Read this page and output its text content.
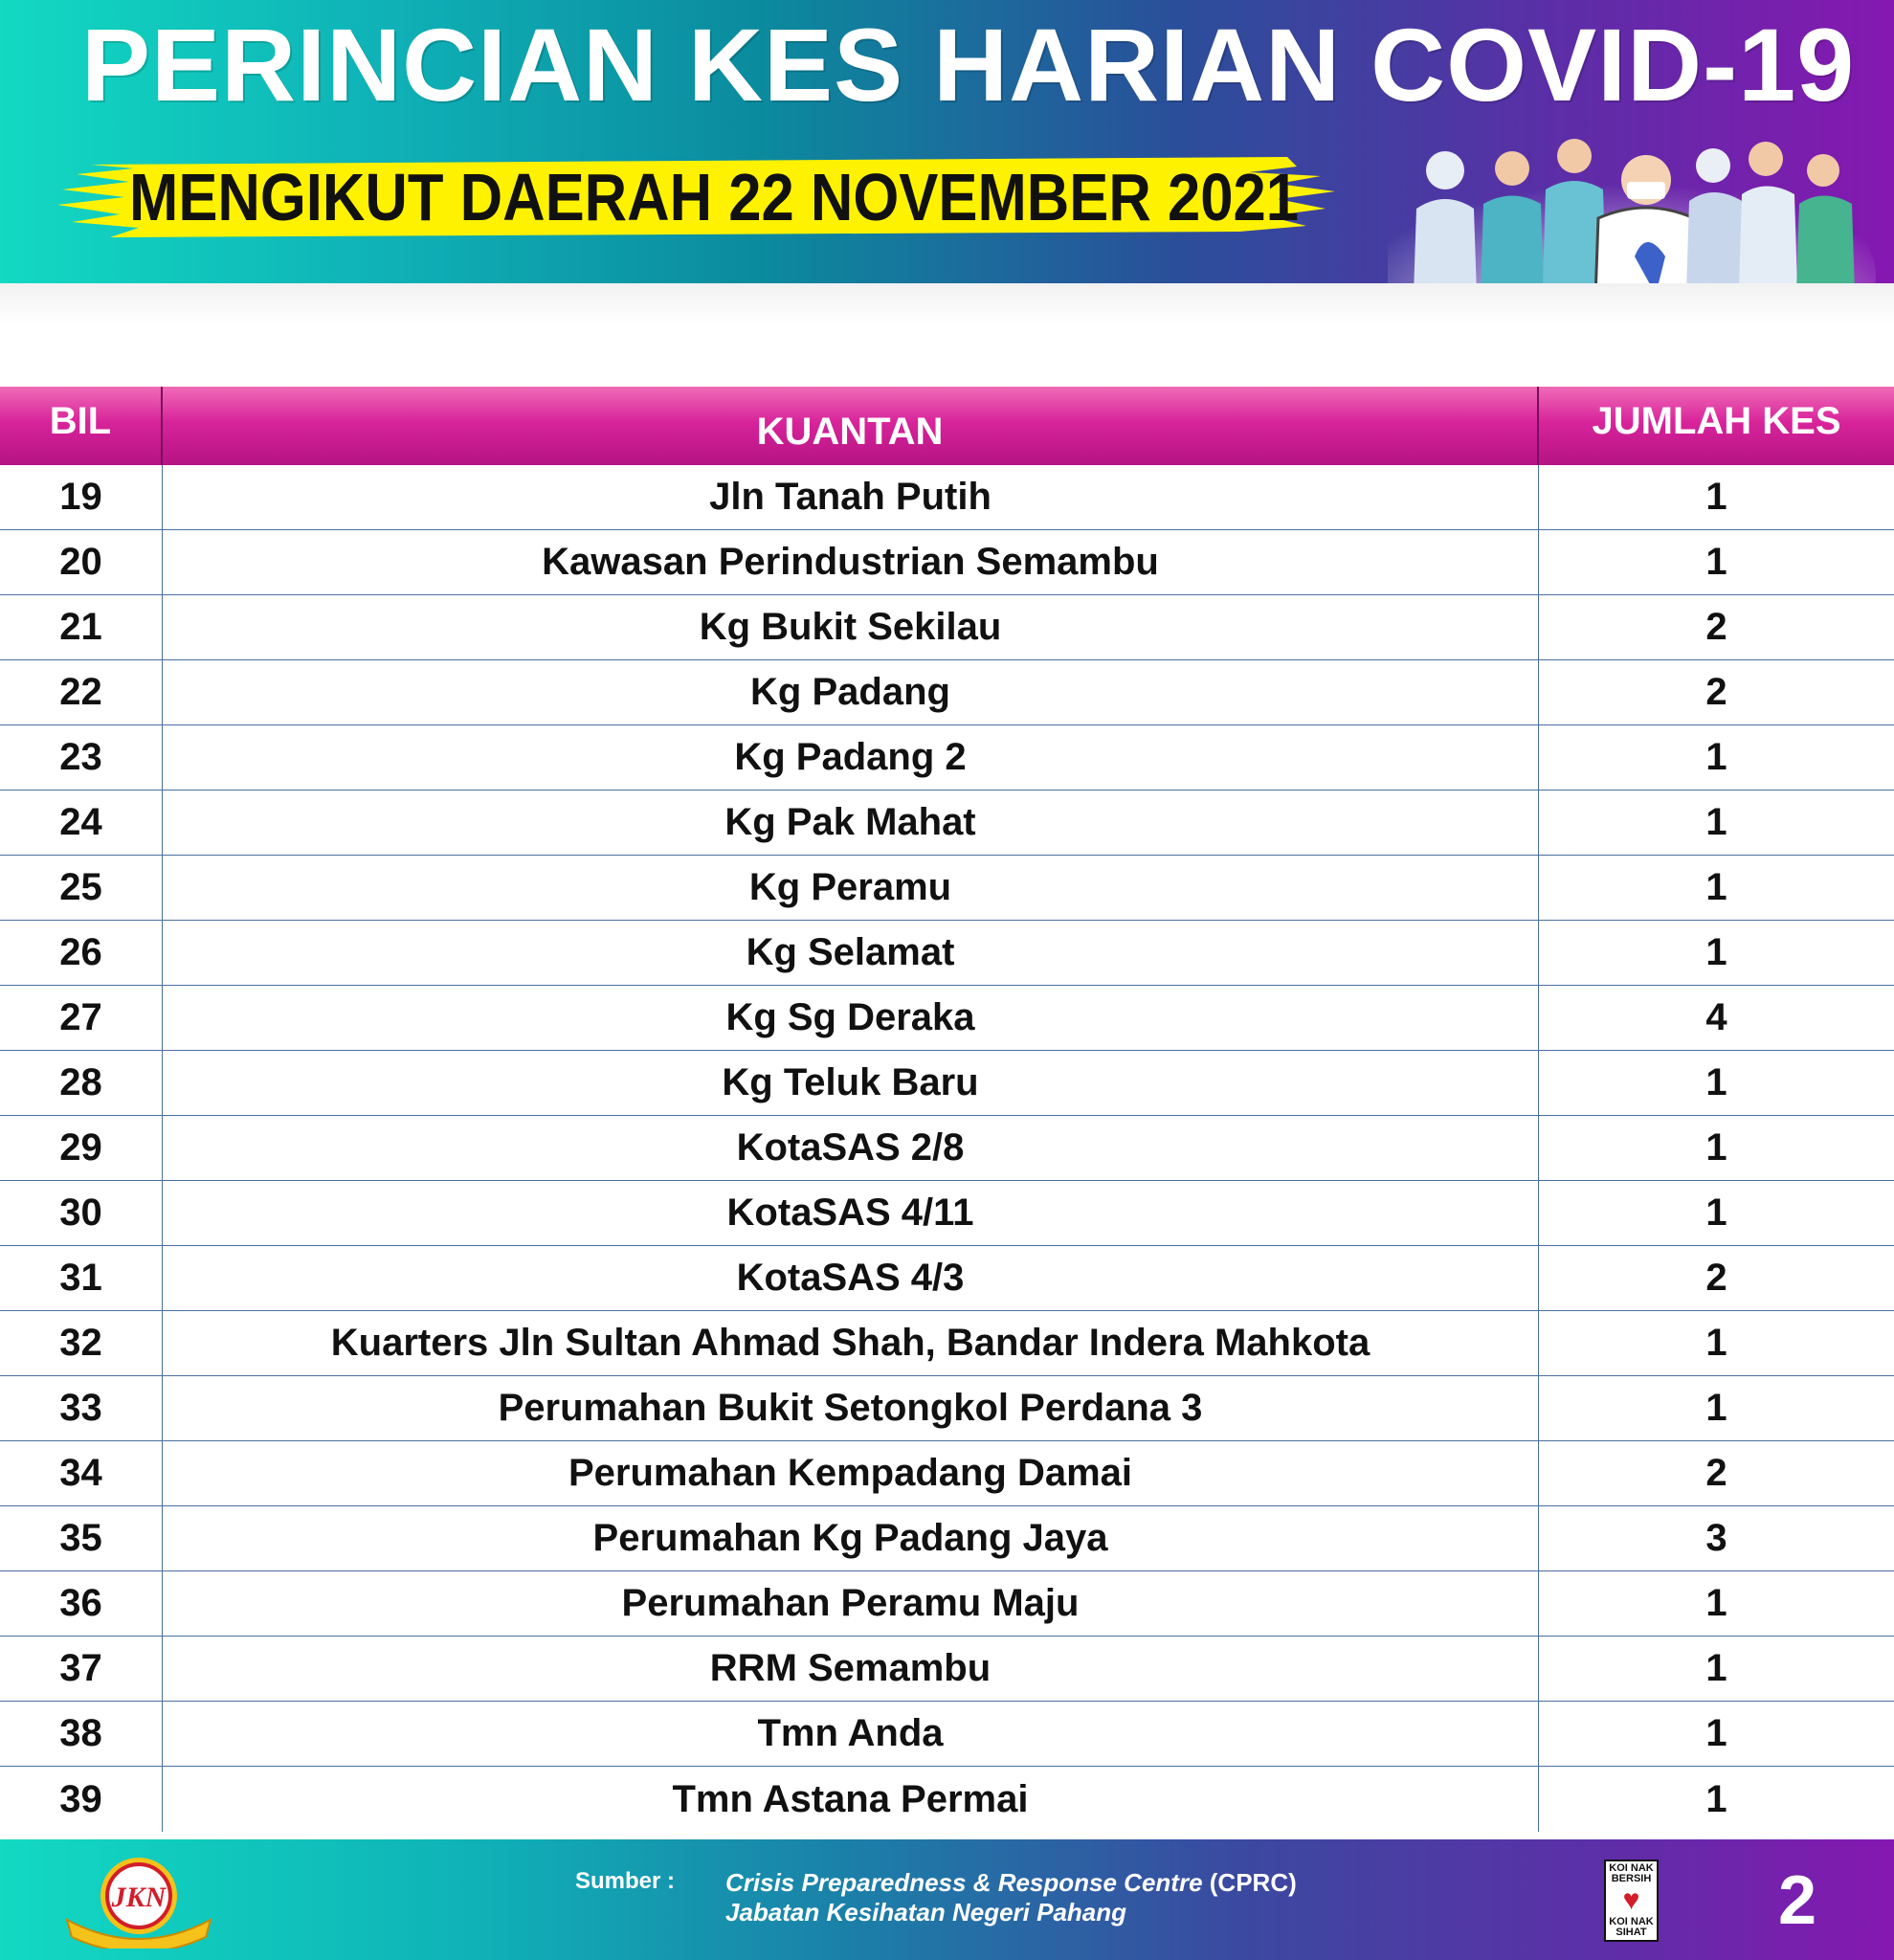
PERINCIAN KES HARIAN COVID-19
MENGIKUT DAERAH 22 NOVEMBER 2021
BIL	KUANTAN	JUMLAH KES
19	Jln Tanah Putih	1
20	Kawasan Perindustrian Semambu	1
21	Kg Bukit Sekilau	2
22	Kg Padang	2
23	Kg Padang 2	1
24	Kg Pak Mahat	1
25	Kg Peramu	1
26	Kg Selamat	1
27	Kg Sg Deraka	4
28	Kg Teluk Baru	1
29	KotaSAS 2/8	1
30	KotaSAS 4/11	1
31	KotaSAS 4/3	2
32	Kuarters Jln Sultan Ahmad Shah, Bandar Indera Mahkota	1
33	Perumahan Bukit Setongkol Perdana 3	1
34	Perumahan Kempadang Damai	2
35	Perumahan Kg Padang Jaya	3
36	Perumahan Peramu Maju	1
37	RRM Semambu	1
38	Tmn Anda	1
39	Tmn Astana Permai	1
JKN
Sumber : Crisis Preparedness & Response Centre (CPRC)
Jabatan Kesihatan Negeri Pahang
KOI NAK BERSIH
♥
KOI NAK SIHAT 2
